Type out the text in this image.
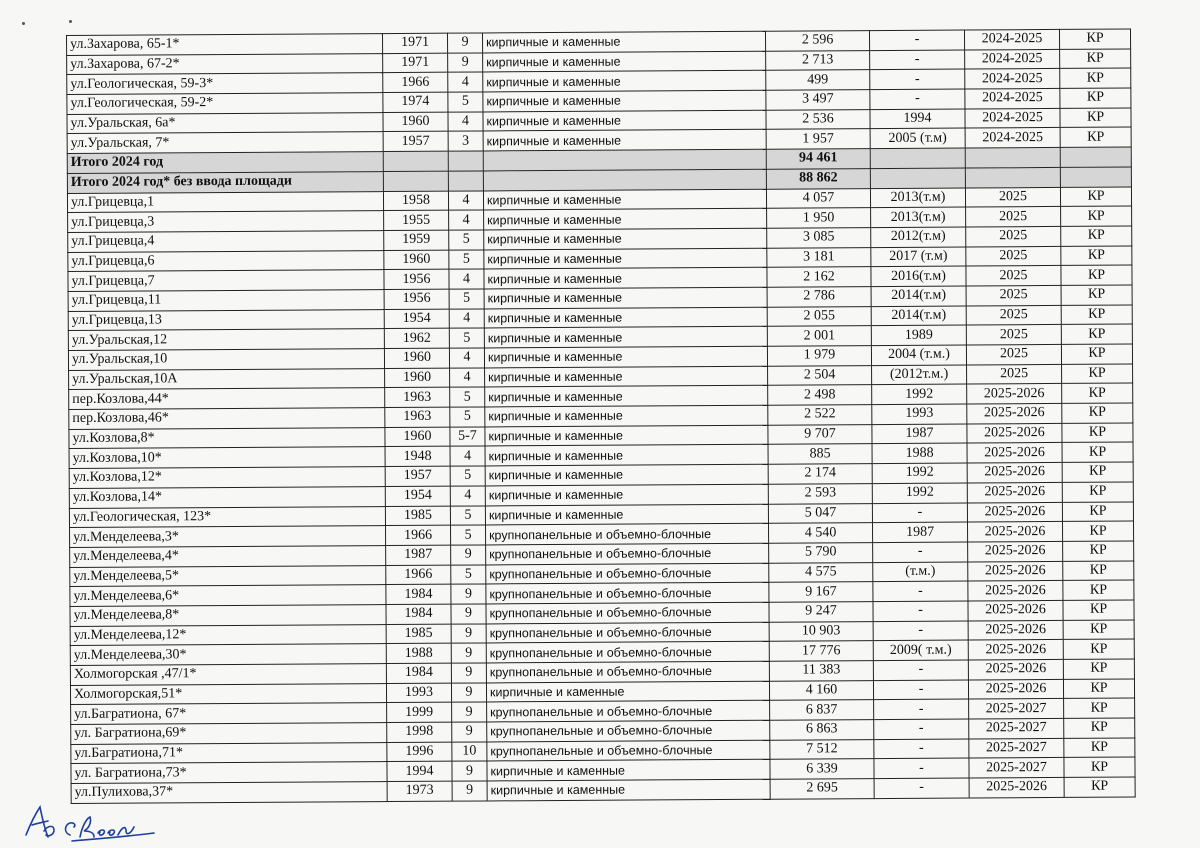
ул.Захарова, 65-1*	1971	9	кирпичные и каменные	2 596	-	2024-2025	КР
ул.Захарова, 67-2*	1971	9	кирпичные и каменные	2 713	-	2024-2025	КР
ул.Геологическая, 59-3*	1966	4	кирпичные и каменные	499	-	2024-2025	КР
ул.Геологическая, 59-2*	1974	5	кирпичные и каменные	3 497	-	2024-2025	КР
ул.Уральская, 6а*	1960	4	кирпичные и каменные	2 536	1994	2024-2025	КР
ул.Уральская, 7*	1957	3	кирпичные и каменные	1 957	2005 (т.м)	2024-2025	КР
Итого 2024 год				94 461			
Итого 2024 год* без ввода площади				88 862			
ул.Грицевца,1	1958	4	кирпичные и каменные	4 057	2013(т.м)	2025	КР
ул.Грицевца,3	1955	4	кирпичные и каменные	1 950	2013(т.м)	2025	КР
ул.Грицевца,4	1959	5	кирпичные и каменные	3 085	2012(т.м)	2025	КР
ул.Грицевца,6	1960	5	кирпичные и каменные	3 181	2017 (т.м)	2025	КР
ул.Грицевца,7	1956	4	кирпичные и каменные	2 162	2016(т.м)	2025	КР
ул.Грицевца,11	1956	5	кирпичные и каменные	2 786	2014(т.м)	2025	КР
ул.Грицевца,13	1954	4	кирпичные и каменные	2 055	2014(т.м)	2025	КР
ул.Уральская,12	1962	5	кирпичные и каменные	2 001	1989	2025	КР
ул.Уральская,10	1960	4	кирпичные и каменные	1 979	2004 (т.м.)	2025	КР
ул.Уральская,10А	1960	4	кирпичные и каменные	2 504	(2012т.м.)	2025	КР
пер.Козлова,44*	1963	5	кирпичные и каменные	2 498	1992	2025-2026	КР
пер.Козлова,46*	1963	5	кирпичные и каменные	2 522	1993	2025-2026	КР
ул.Козлова,8*	1960	5-7	кирпичные и каменные	9 707	1987	2025-2026	КР
ул.Козлова,10*	1948	4	кирпичные и каменные	885	1988	2025-2026	КР
ул.Козлова,12*	1957	5	кирпичные и каменные	2 174	1992	2025-2026	КР
ул.Козлова,14*	1954	4	кирпичные и каменные	2 593	1992	2025-2026	КР
ул.Геологическая, 123*	1985	5	кирпичные и каменные	5 047	-	2025-2026	КР
ул.Менделеева,3*	1966	5	крупнопанельные и объемно-блочные	4 540	1987	2025-2026	КР
ул.Менделеева,4*	1987	9	крупнопанельные и объемно-блочные	5 790	-	2025-2026	КР
ул.Менделеева,5*	1966	5	крупнопанельные и объемно-блочные	4 575	(т.м.)	2025-2026	КР
ул.Менделеева,6*	1984	9	крупнопанельные и объемно-блочные	9 167	-	2025-2026	КР
ул.Менделеева,8*	1984	9	крупнопанельные и объемно-блочные	9 247	-	2025-2026	КР
ул.Менделеева,12*	1985	9	крупнопанельные и объемно-блочные	10 903	-	2025-2026	КР
ул.Менделеева,30*	1988	9	крупнопанельные и объемно-блочные	17 776	2009( т.м.)	2025-2026	КР
Холмогорская ,47/1*	1984	9	крупнопанельные и объемно-блочные	11 383	-	2025-2026	КР
Холмогорская,51*	1993	9	кирпичные и каменные	4 160	-	2025-2026	КР
ул.Багратиона, 67*	1999	9	крупнопанельные и объемно-блочные	6 837	-	2025-2027	КР
ул. Багратиона,69*	1998	9	крупнопанельные и объемно-блочные	6 863	-	2025-2027	КР
ул.Багратиона,71*	1996	10	крупнопанельные и объемно-блочные	7 512	-	2025-2027	КР
ул. Багратиона,73*	1994	9	кирпичные и каменные	6 339	-	2025-2027	КР
ул.Пулихова,37*	1973	9	кирпичные и каменные	2 695	-	2025-2026	КР
